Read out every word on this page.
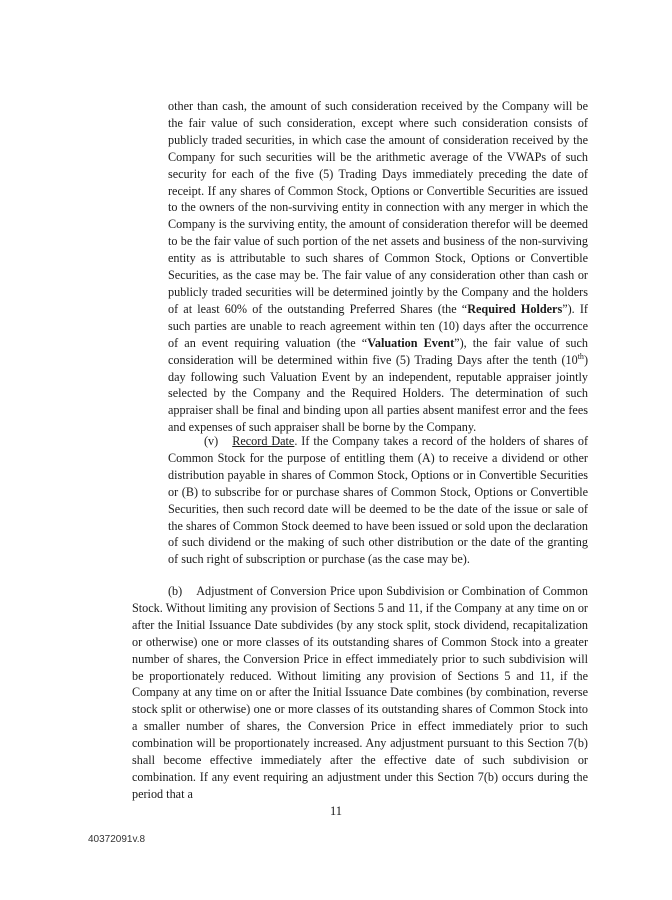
other than cash, the amount of such consideration received by the Company will be the fair value of such consideration, except where such consideration consists of publicly traded securities, in which case the amount of consideration received by the Company for such securities will be the arithmetic average of the VWAPs of such security for each of the five (5) Trading Days immediately preceding the date of receipt. If any shares of Common Stock, Options or Convertible Securities are issued to the owners of the non-surviving entity in connection with any merger in which the Company is the surviving entity, the amount of consideration therefor will be deemed to be the fair value of such portion of the net assets and business of the non-surviving entity as is attributable to such shares of Common Stock, Options or Convertible Securities, as the case may be. The fair value of any consideration other than cash or publicly traded securities will be determined jointly by the Company and the holders of at least 60% of the outstanding Preferred Shares (the “Required Holders”). If such parties are unable to reach agreement within ten (10) days after the occurrence of an event requiring valuation (the “Valuation Event”), the fair value of such consideration will be determined within five (5) Trading Days after the tenth (10th) day following such Valuation Event by an independent, reputable appraiser jointly selected by the Company and the Required Holders. The determination of such appraiser shall be final and binding upon all parties absent manifest error and the fees and expenses of such appraiser shall be borne by the Company.

(v) Record Date. If the Company takes a record of the holders of shares of Common Stock for the purpose of entitling them (A) to receive a dividend or other distribution payable in shares of Common Stock, Options or in Convertible Securities or (B) to subscribe for or purchase shares of Common Stock, Options or Convertible Securities, then such record date will be deemed to be the date of the issue or sale of the shares of Common Stock deemed to have been issued or sold upon the declaration of such dividend or the making of such other distribution or the date of the granting of such right of subscription or purchase (as the case may be).

(b) Adjustment of Conversion Price upon Subdivision or Combination of Common Stock. Without limiting any provision of Sections 5 and 11, if the Company at any time on or after the Initial Issuance Date subdivides (by any stock split, stock dividend, recapitalization or otherwise) one or more classes of its outstanding shares of Common Stock into a greater number of shares, the Conversion Price in effect immediately prior to such subdivision will be proportionately reduced. Without limiting any provision of Sections 5 and 11, if the Company at any time on or after the Initial Issuance Date combines (by combination, reverse stock split or otherwise) one or more classes of its outstanding shares of Common Stock into a smaller number of shares, the Conversion Price in effect immediately prior to such combination will be proportionately increased. Any adjustment pursuant to this Section 7(b) shall become effective immediately after the effective date of such subdivision or combination. If any event requiring an adjustment under this Section 7(b) occurs during the period that a

11
40372091v.8
